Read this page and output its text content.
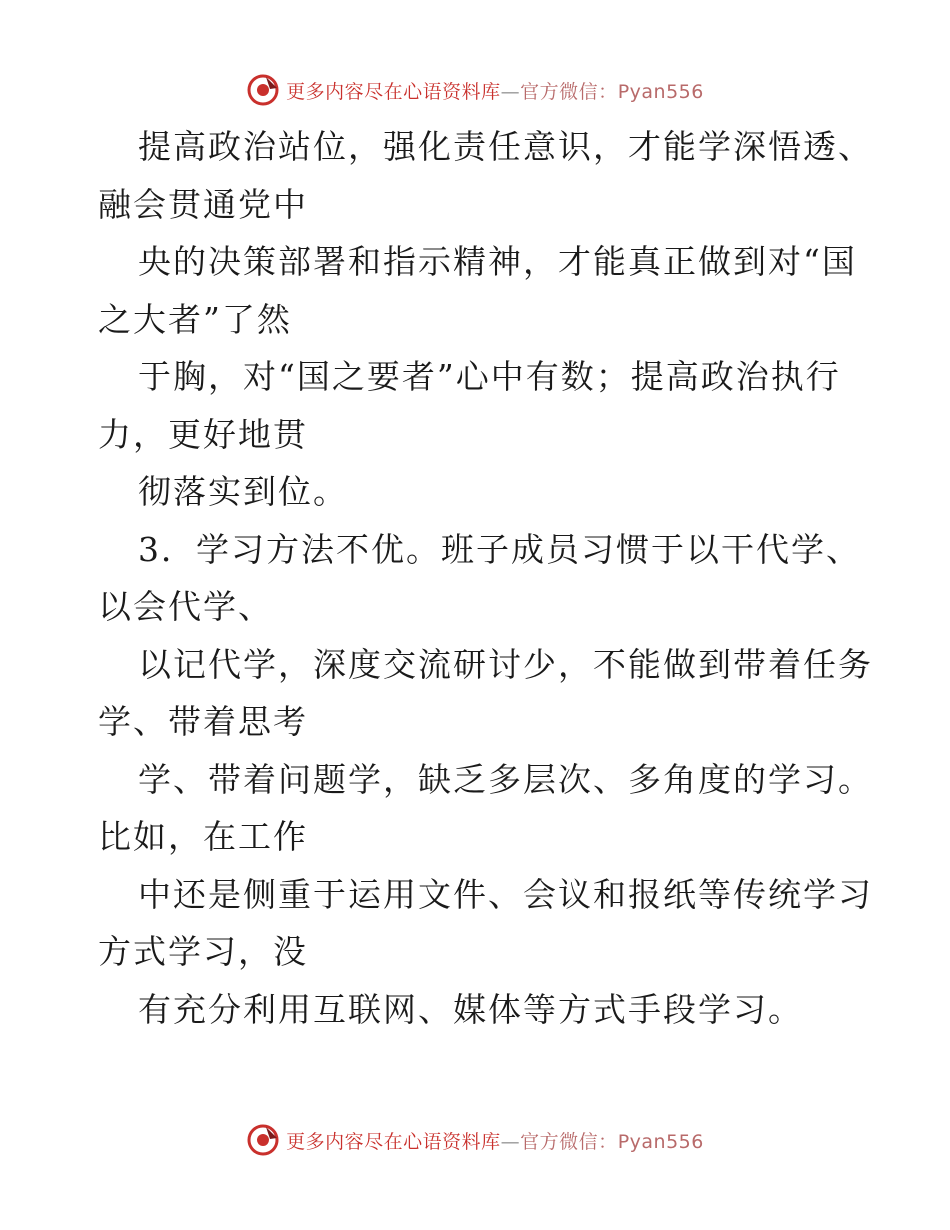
更多内容尽在心语资料库—官方微信：Pyan556
提高政治站位，强化责任意识，才能学深悟透、
融会贯通党中
央的决策部署和指示精神，才能真正做到对“国
之大者”了然
于胸，对“国之要者”心中有数；提高政治执行
力，更好地贯
彻落实到位。
3．学习方法不优。班子成员习惯于以干代学、
以会代学、
以记代学，深度交流研讨少，不能做到带着任务
学、带着思考
学、带着问题学，缺乏多层次、多角度的学习。
比如，在工作
中还是侧重于运用文件、会议和报纸等传统学习
方式学习，没
有充分利用互联网、媒体等方式手段学习。
更多内容尽在心语资料库—官方微信：Pyan556
